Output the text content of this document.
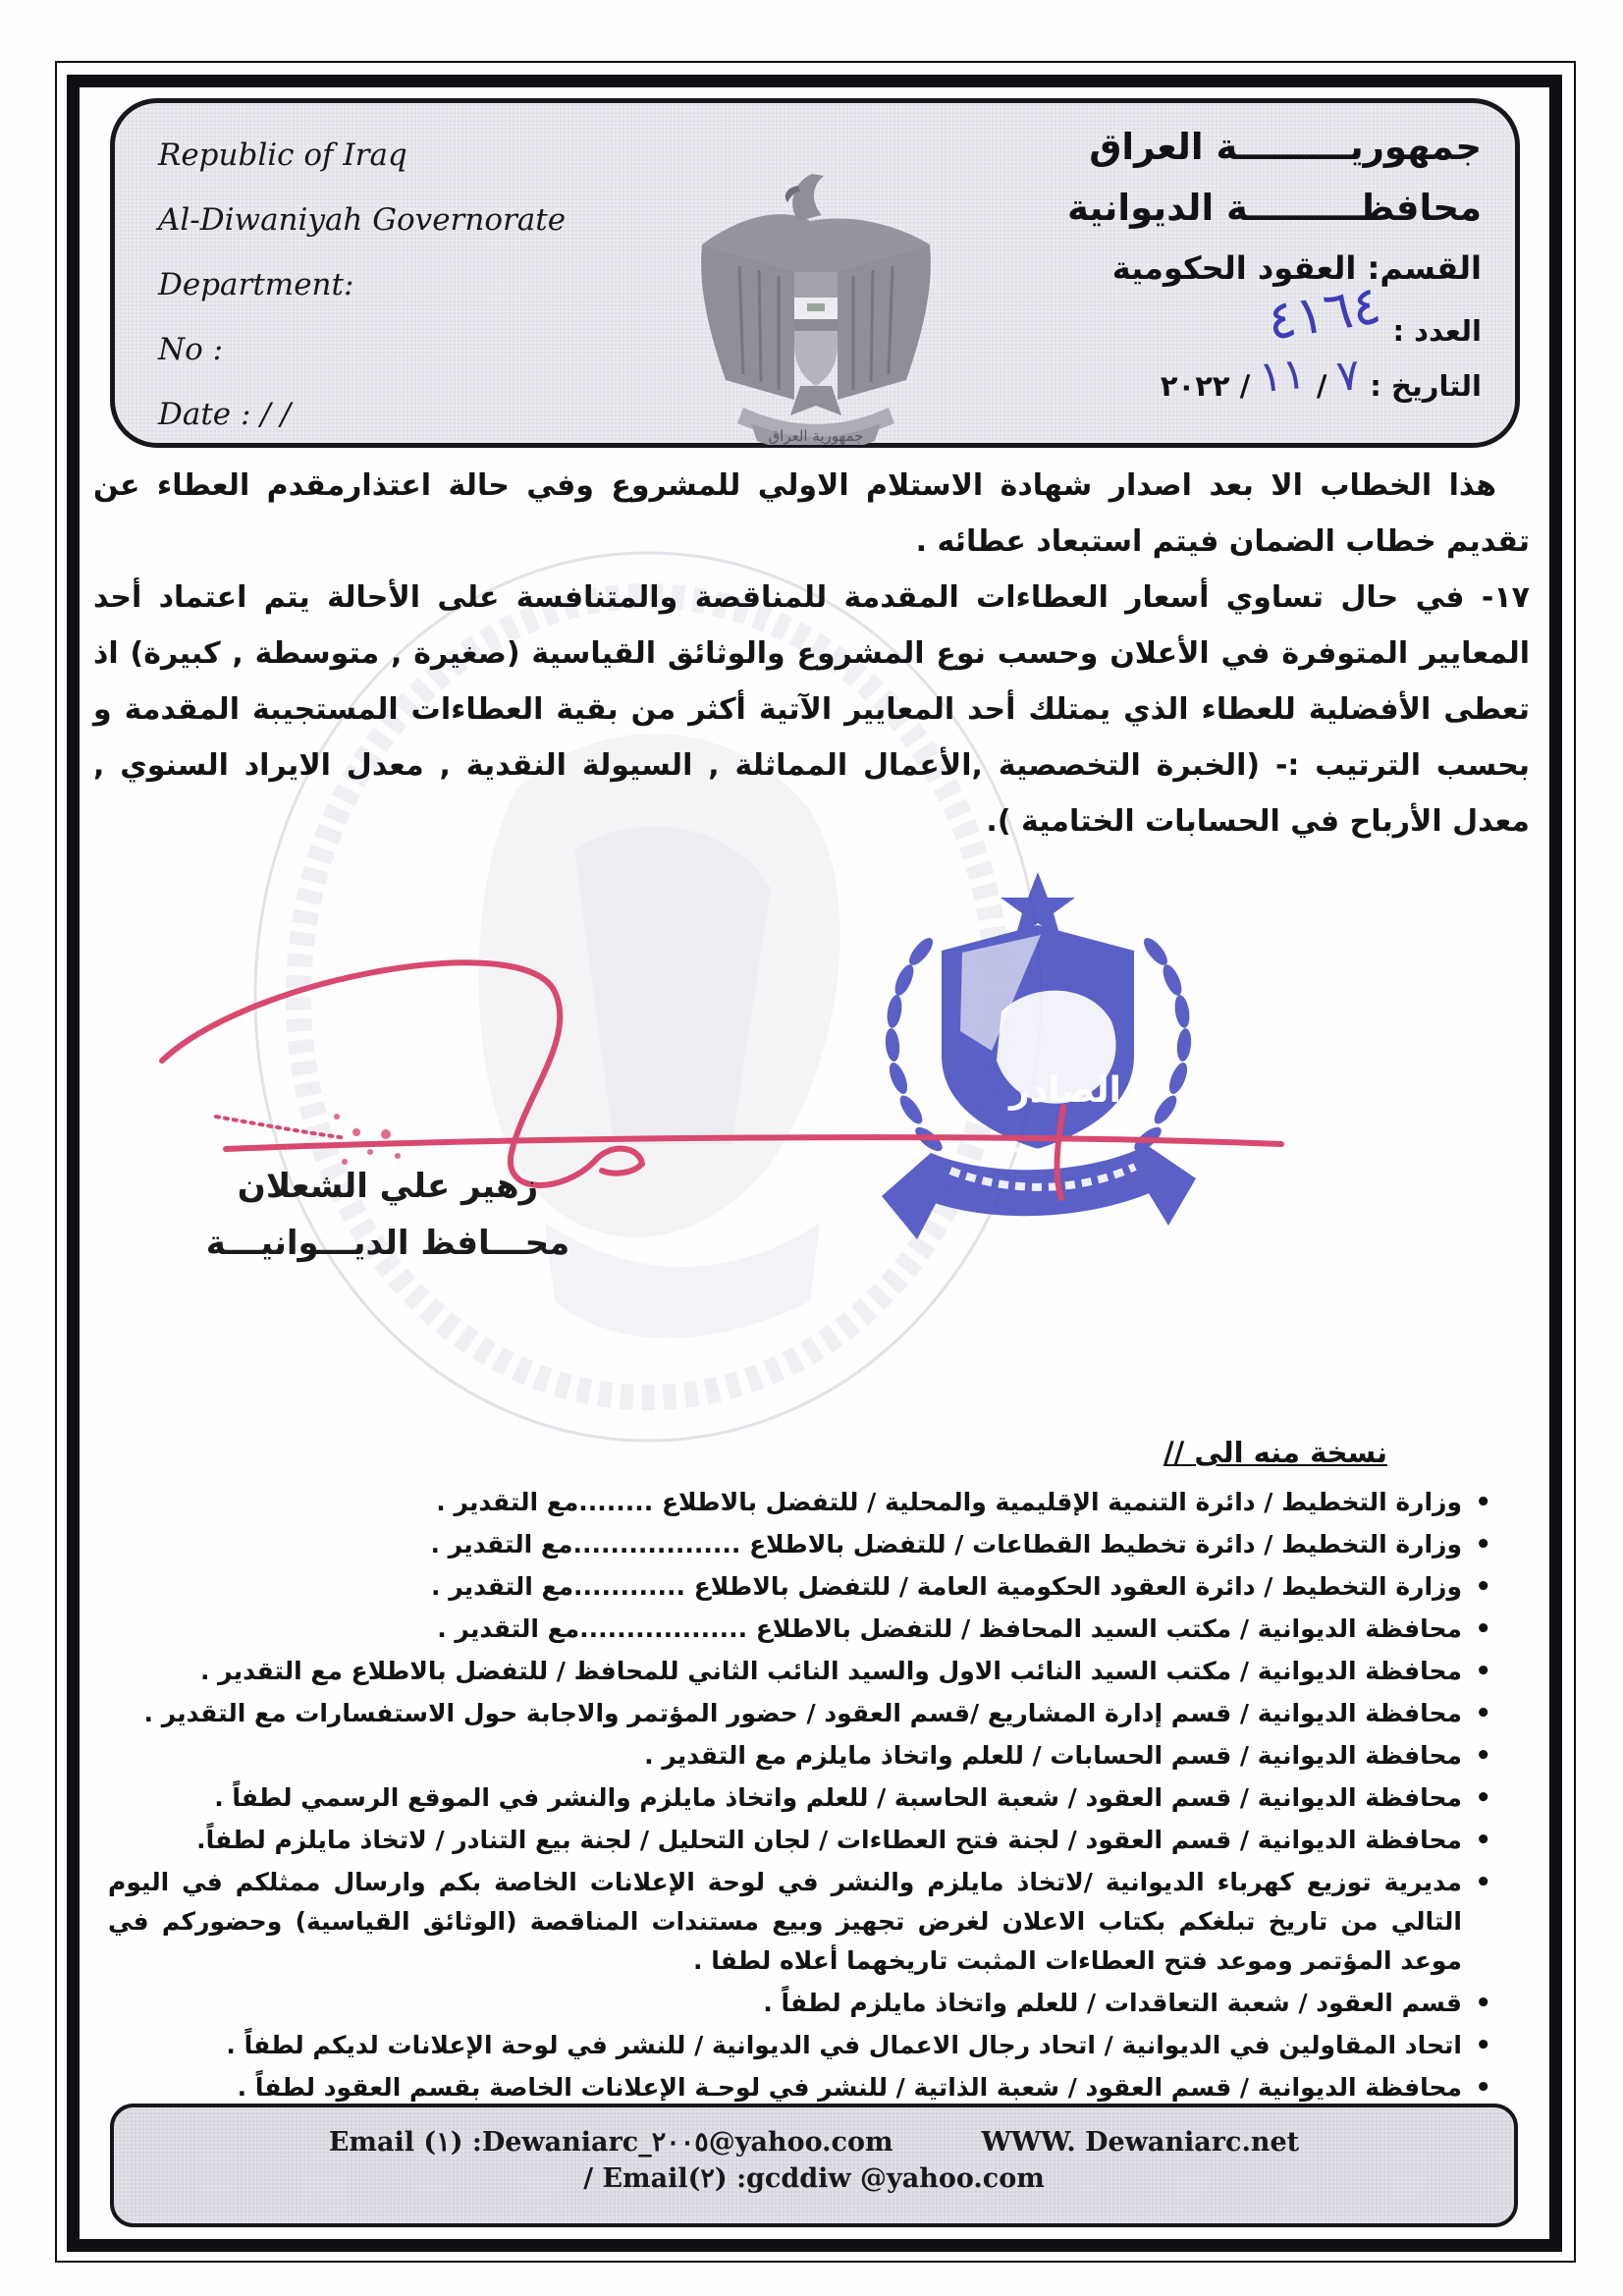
Republic of Iraq
Al-Diwaniyah Governorate
Department:
No :
Date : / /
جمهورية العراق
جمهوريـــــــــة العراق
محافظـــــــــة الديوانية
القسم: العقود الحكومية
العدد : ٤١٦٤
التاريخ : ٧ / ١١ / ٢٠٢٢

هذا الخطاب الا بعد اصدار شهادة الاستلام الاولي للمشروع وفي حالة اعتذارمقدم العطاء عن تقديم خطاب الضمان فيتم استبعاد عطائه .

١٧- في حال تساوي أسعار العطاءات المقدمة للمناقصة والمتنافسة على الأحالة يتم اعتماد أحد المعايير المتوفرة في الأعلان وحسب نوع المشروع والوثائق القياسية (صغيرة , متوسطة , كبيرة) اذ تعطى الأفضلية للعطاء الذي يمتلك أحد المعايير الآتية أكثر من بقية العطاءات المستجيبة المقدمة و بحسب الترتيب :- (الخبرة التخصصية ,الأعمال المماثلة , السيولة النقدية , معدل الايراد السنوي , معدل الأرباح في الحسابات الختامية ).

زهير علي الشعلان
محـــافظ الديـــوانيـــة
الصادر
نسخة منه الى //
• وزارة التخطيط / دائرة التنمية الإقليمية والمحلية / للتفضل بالاطلاع ........مع التقدير .
• وزارة التخطيط / دائرة تخطيط القطاعات / للتفضل بالاطلاع ..................مع التقدير .
• وزارة التخطيط / دائرة العقود الحكومية العامة / للتفضل بالاطلاع ............مع التقدير .
• محافظة الديوانية / مكتب السيد المحافظ / للتفضل بالاطلاع ..................مع التقدير .
• محافظة الديوانية / مكتب السيد النائب الاول والسيد النائب الثاني للمحافظ / للتفضل بالاطلاع مع التقدير .
• محافظة الديوانية / قسم إدارة المشاريع /قسم العقود / حضور المؤتمر والاجابة حول الاستفسارات مع التقدير .
• محافظة الديوانية / قسم الحسابات / للعلم واتخاذ مايلزم مع التقدير .
• محافظة الديوانية / قسم العقود / شعبة الحاسبة / للعلم واتخاذ مايلزم والنشر في الموقع الرسمي لطفاً .
• محافظة الديوانية / قسم العقود / لجنة فتح العطاءات / لجان التحليل / لجنة بيع التنادر / لاتخاذ مايلزم لطفاً.
• مديرية توزيع كهرباء الديوانية /لاتخاذ مايلزم والنشر في لوحة الإعلانات الخاصة بكم وارسال ممثلكم في اليوم التالي من تاريخ تبلغكم بكتاب الاعلان لغرض تجهيز وبيع مستندات المناقصة (الوثائق القياسية) وحضوركم في موعد المؤتمر وموعد فتح العطاءات المثبت تاريخهما أعلاه لطفا .
• قسم العقود / شعبة التعاقدات / للعلم واتخاذ مايلزم لطفاً .
• اتحاد المقاولين في الديوانية / اتحاد رجال الاعمال في الديوانية / للنشر في لوحة الإعلانات لديكم لطفاً .
• محافظة الديوانية / قسم العقود / شعبة الذاتية / للنشر في لوحـة الإعلانات الخاصة بقسم العقود لطفاً .
Email (١) :Dewaniarc_٢٠٠٥@yahoo.com	WWW. Dewaniarc.net
/ Email(٢) :gcddiw @yahoo.com
